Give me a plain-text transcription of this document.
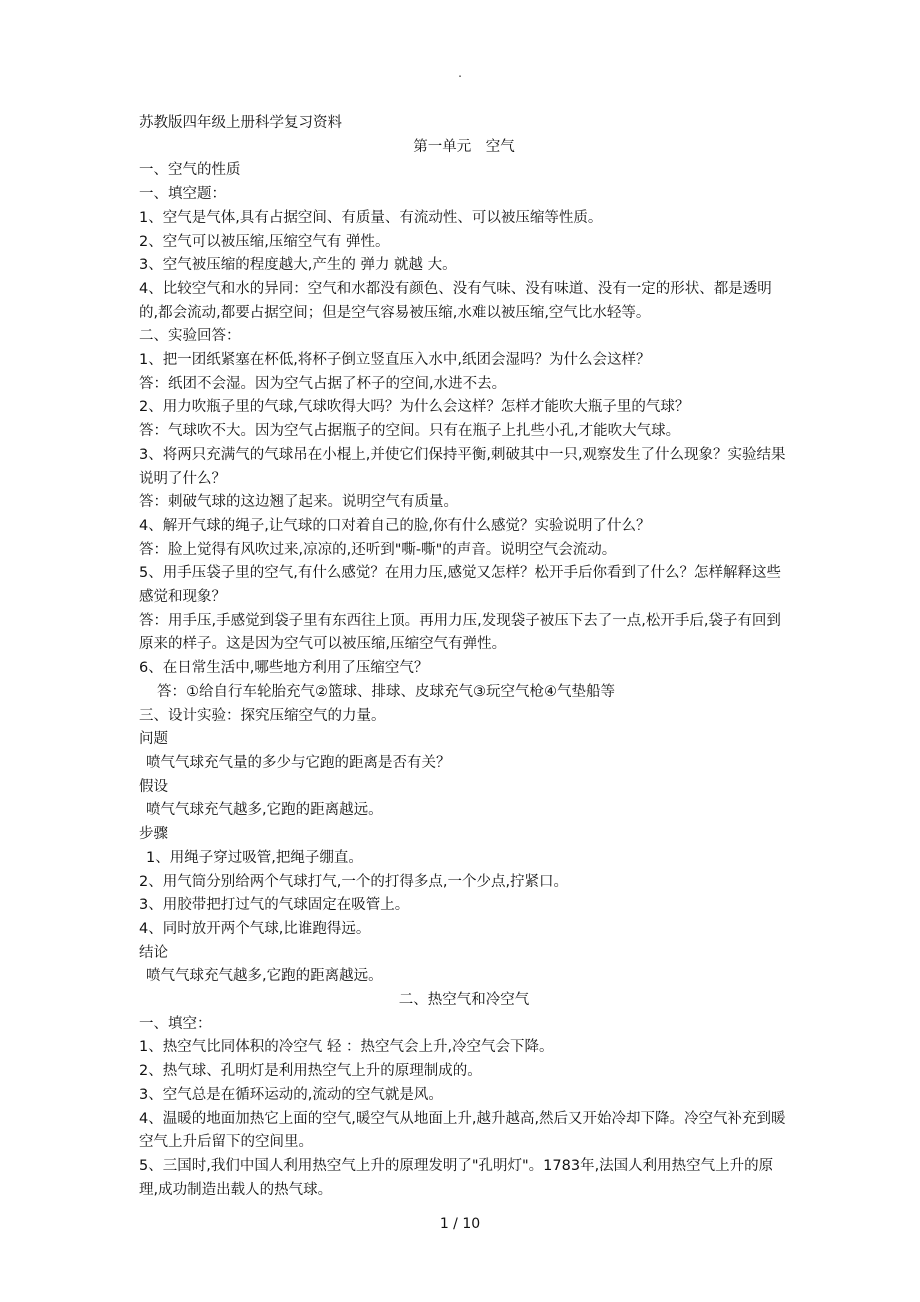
.
苏教版四年级上册科学复习资料
第一单元　空气
一、空气的性质
一、填空题：
1、空气是气体,具有占据空间、有质量、有流动性、可以被压缩等性质。
2、空气可以被压缩,压缩空气有 弹性。
3、空气被压缩的程度越大,产生的 弹力 就越 大。
4、比较空气和水的异同：空气和水都没有颜色、没有气味、没有味道、没有一定的形状、都是透明的,都会流动,都要占据空间；但是空气容易被压缩,水难以被压缩,空气比水轻等。
二、实验回答：
1、把一团纸紧塞在杯低,将杯子倒立竖直压入水中,纸团会湿吗？为什么会这样？
答：纸团不会湿。因为空气占据了杯子的空间,水进不去。
2、用力吹瓶子里的气球,气球吹得大吗？为什么会这样？怎样才能吹大瓶子里的气球？
答：气球吹不大。因为空气占据瓶子的空间。只有在瓶子上扎些小孔,才能吹大气球。
3、将两只充满气的气球吊在小棍上,并使它们保持平衡,刺破其中一只,观察发生了什么现象？实验结果说明了什么？
答：刺破气球的这边翘了起来。说明空气有质量。
4、解开气球的绳子,让气球的口对着自己的脸,你有什么感觉？实验说明了什么？
答：脸上觉得有风吹过来,凉凉的,还听到"嘶-嘶"的声音。说明空气会流动。
5、用手压袋子里的空气,有什么感觉？在用力压,感觉又怎样？松开手后你看到了什么？怎样解释这些感觉和现象？
答：用手压,手感觉到袋子里有东西往上顶。再用力压,发现袋子被压下去了一点,松开手后,袋子有回到原来的样子。这是因为空气可以被压缩,压缩空气有弹性。
6、在日常生活中,哪些地方利用了压缩空气？
答：①给自行车轮胎充气②篮球、排球、皮球充气③玩空气枪④气垫船等
三、设计实验：探究压缩空气的力量。
问题
喷气气球充气量的多少与它跑的距离是否有关？
假设
喷气气球充气越多,它跑的距离越远。
步骤
1、用绳子穿过吸管,把绳子绷直。
2、用气筒分别给两个气球打气,一个的打得多点,一个少点,拧紧口。
3、用胶带把打过气的气球固定在吸管上。
4、同时放开两个气球,比谁跑得远。
结论
喷气气球充气越多,它跑的距离越远。
二、热空气和冷空气
一、填空：
1、热空气比同体积的冷空气 轻 ：热空气会上升,冷空气会下降。
2、热气球、孔明灯是利用热空气上升的原理制成的。
3、空气总是在循环运动的,流动的空气就是风。
4、温暖的地面加热它上面的空气,暖空气从地面上升,越升越高,然后又开始冷却下降。冷空气补充到暖空气上升后留下的空间里。
5、三国时,我们中国人利用热空气上升的原理发明了"孔明灯"。1783年,法国人利用热空气上升的原理,成功制造出载人的热气球。
1 / 10
